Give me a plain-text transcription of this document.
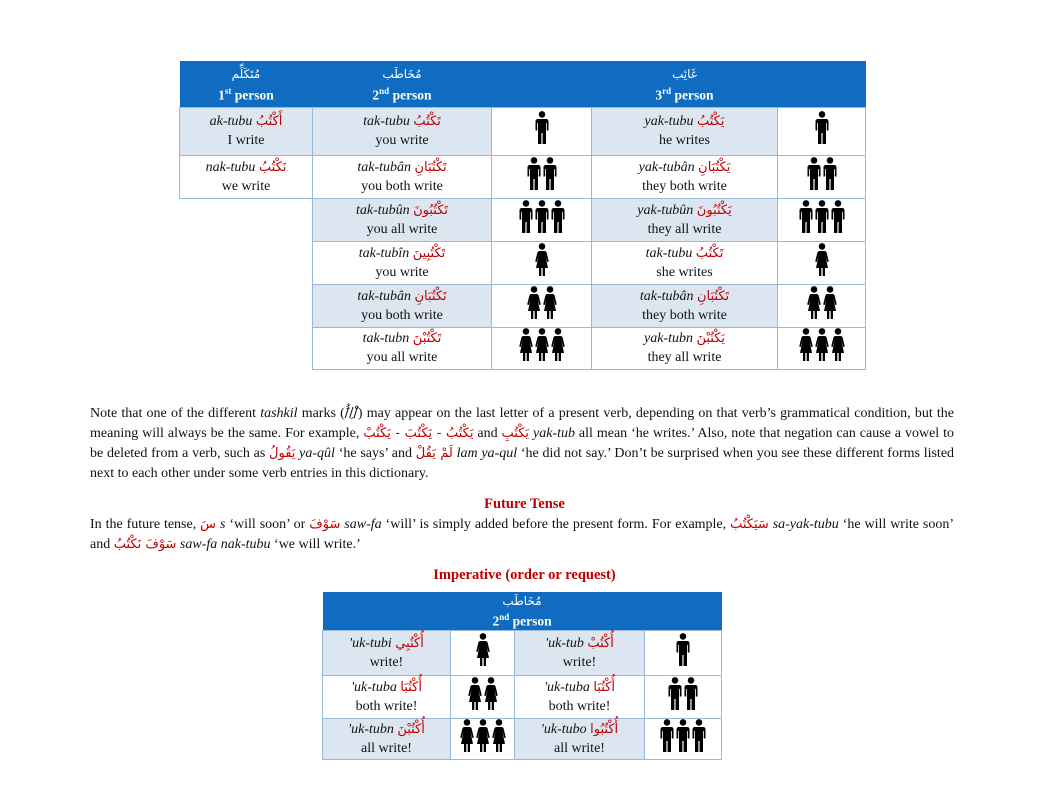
مُتَكَلِّم
1st person	مُخَاطَب
2nd person		غَائِب
3rd person	
ak-tubu أَكْتُبُ
I write	tak-tubu تَكْتُبُ
you write		yak-tubu يَكْتُبُ
he writes	

nak-tubu نَكْتُبُ
we write	tak-tubân تَكْتُبَانِ
you both write		yak-tubân يَكْتُبَانِ
they both write	

	tak-tubûn تَكْتُبُونَ
you all write		yak-tubûn يَكْتُبُونَ
they all write	

	tak-tubîn تَكْتُبِينَ
you write		tak-tubu تَكْتُبُ
she writes	

	tak-tubân تَكْتُبَانِ
you both write		tak-tubân تَكْتُبَانِ
they both write	

	tak-tubn تَكْتُبْنَ
you all write		yak-tubn يَكْتُبْنَ
they all write	
Note that one of the different tashkil marks (ُ/َ/ِ/ْ) may appear on the last letter of a present verb, depending on that verb’s grammatical condition, but the meaning will always be the same. For example, يَكْتُبُ - يَكْتُبَ - يَكْتُبْ and يَكْتُبِ yak-tub all mean ‘he writes.’ Also, note that negation can cause a vowel to be deleted from a verb, such as يَقُولُ ya-qûl ‘he says’ and لَمْ يَقُلْ lam ya-qul ‘he did not say.’ Don’t be surprised when you see these different forms listed next to each other under some verb entries in this dictionary.
Future Tense
In the future tense, سَ s ‘will soon’ or سَوْفَ saw-fa ‘will’ is simply added before the present form. For example, سَيَكْتُبُ sa-yak-tubu ‘he will write soon’ and سَوْفَ نَكْتُبُ saw-fa nak-tubu ‘we will write.’
Imperative (order or request)
مُخَاطَب
2nd person			
'uk-tubi أُكْتُبِي
write!		'uk-tub أُكْتُبْ
write!	

'uk-tuba أُكْتُبَا
both write!		'uk-tuba أُكْتُبَا
both write!	

'uk-tubn أُكْتُبْنَ
all write!		'uk-tubo أُكْتُبُوا
all write!	
